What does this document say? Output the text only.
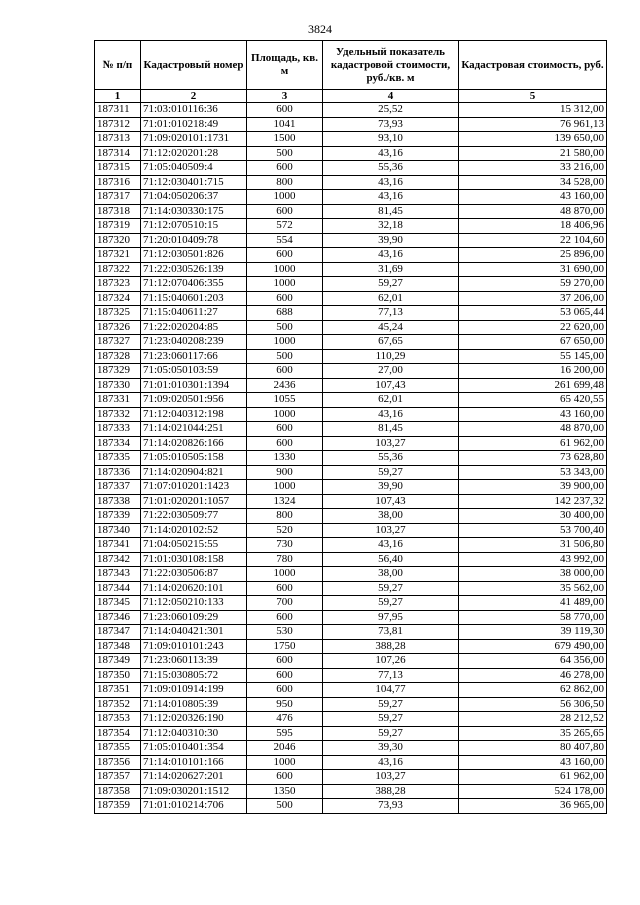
3824
№ п/п	Кадастровый номер	Площадь, кв. м	Удельный показатель кадастровой стоимости, руб./кв. м	Кадастровая стоимость, руб.
1	2	3	4	5
187311	71:03:010116:36	600	25,52	15 312,00
187312	71:01:010218:49	1041	73,93	76 961,13
187313	71:09:020101:1731	1500	93,10	139 650,00
187314	71:12:020201:28	500	43,16	21 580,00
187315	71:05:040509:4	600	55,36	33 216,00
187316	71:12:030401:715	800	43,16	34 528,00
187317	71:04:050206:37	1000	43,16	43 160,00
187318	71:14:030330:175	600	81,45	48 870,00
187319	71:12:070510:15	572	32,18	18 406,96
187320	71:20:010409:78	554	39,90	22 104,60
187321	71:12:030501:826	600	43,16	25 896,00
187322	71:22:030526:139	1000	31,69	31 690,00
187323	71:12:070406:355	1000	59,27	59 270,00
187324	71:15:040601:203	600	62,01	37 206,00
187325	71:15:040611:27	688	77,13	53 065,44
187326	71:22:020204:85	500	45,24	22 620,00
187327	71:23:040208:239	1000	67,65	67 650,00
187328	71:23:060117:66	500	110,29	55 145,00
187329	71:05:050103:59	600	27,00	16 200,00
187330	71:01:010301:1394	2436	107,43	261 699,48
187331	71:09:020501:956	1055	62,01	65 420,55
187332	71:12:040312:198	1000	43,16	43 160,00
187333	71:14:021044:251	600	81,45	48 870,00
187334	71:14:020826:166	600	103,27	61 962,00
187335	71:05:010505:158	1330	55,36	73 628,80
187336	71:14:020904:821	900	59,27	53 343,00
187337	71:07:010201:1423	1000	39,90	39 900,00
187338	71:01:020201:1057	1324	107,43	142 237,32
187339	71:22:030509:77	800	38,00	30 400,00
187340	71:14:020102:52	520	103,27	53 700,40
187341	71:04:050215:55	730	43,16	31 506,80
187342	71:01:030108:158	780	56,40	43 992,00
187343	71:22:030506:87	1000	38,00	38 000,00
187344	71:14:020620:101	600	59,27	35 562,00
187345	71:12:050210:133	700	59,27	41 489,00
187346	71:23:060109:29	600	97,95	58 770,00
187347	71:14:040421:301	530	73,81	39 119,30
187348	71:09:010101:243	1750	388,28	679 490,00
187349	71:23:060113:39	600	107,26	64 356,00
187350	71:15:030805:72	600	77,13	46 278,00
187351	71:09:010914:199	600	104,77	62 862,00
187352	71:14:010805:39	950	59,27	56 306,50
187353	71:12:020326:190	476	59,27	28 212,52
187354	71:12:040310:30	595	59,27	35 265,65
187355	71:05:010401:354	2046	39,30	80 407,80
187356	71:14:010101:166	1000	43,16	43 160,00
187357	71:14:020627:201	600	103,27	61 962,00
187358	71:09:030201:1512	1350	388,28	524 178,00
187359	71:01:010214:706	500	73,93	36 965,00
